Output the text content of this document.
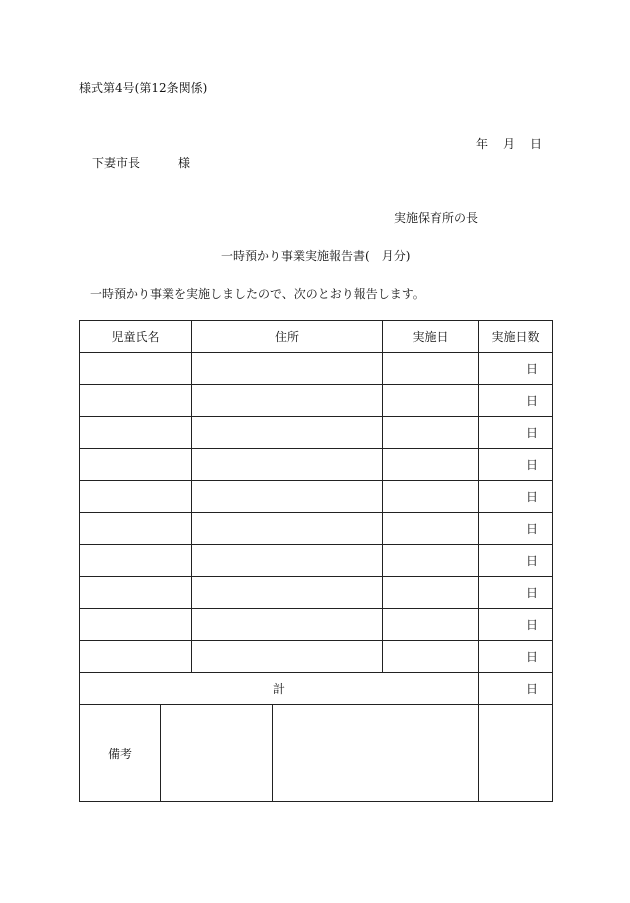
様式第4号(第12条関係)
年 月 日
下妻市長	様
実施保育所の長
一時預かり事業実施報告書( 月分)
一時預かり事業を実施しましたので、次のとおり報告します。
児童氏名		住所		実施日	実施日数
					日
					日
					日
					日
					日
					日
					日
					日
					日
					日
計					日
備考					
